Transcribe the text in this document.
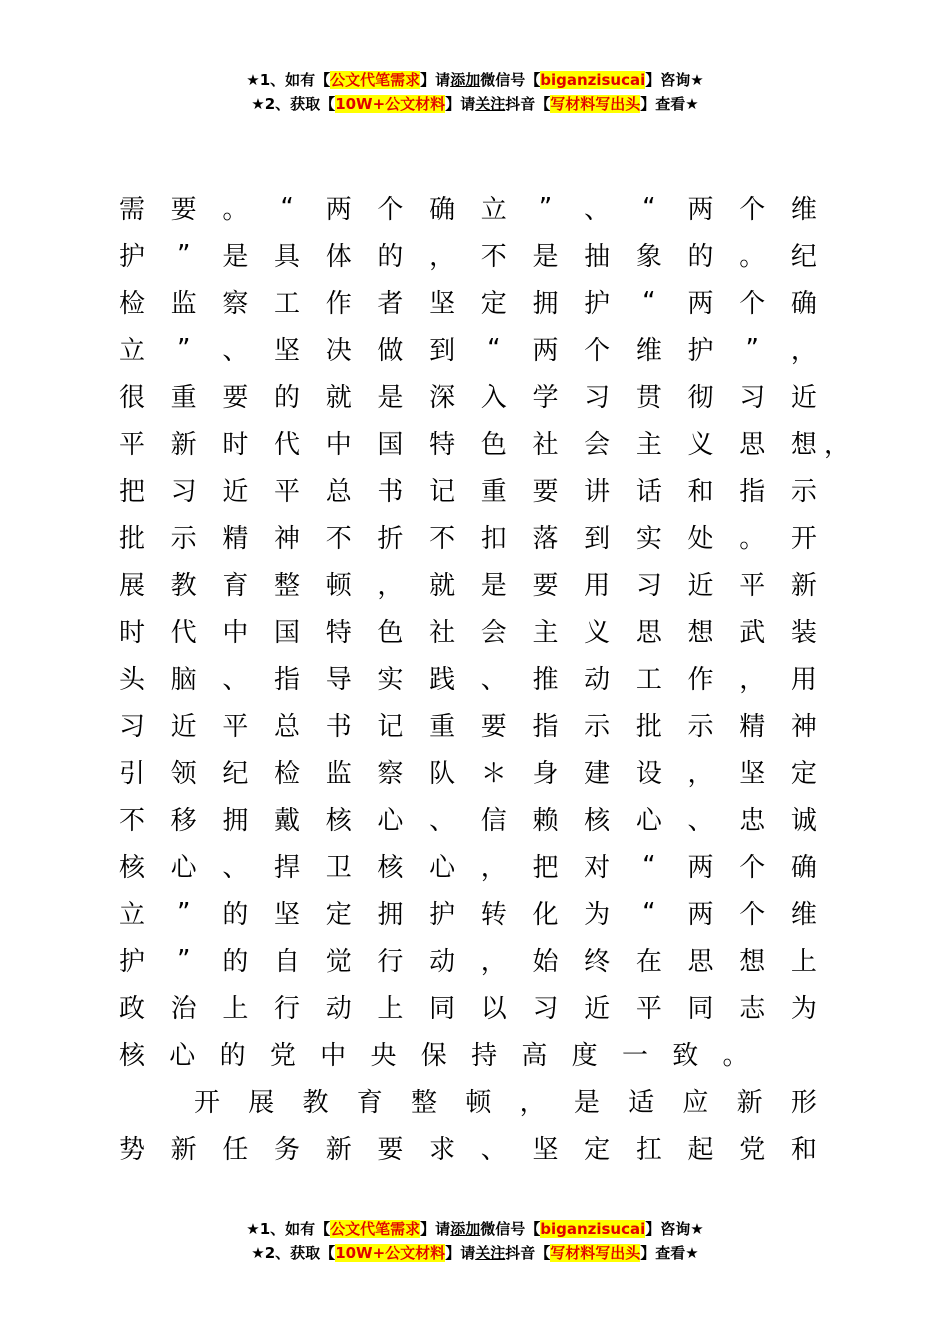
★1、如有【公文代笔需求】请添加微信号【biganzisucai】咨询★
★2、获取【10W+公文材料】请关注抖音【写材料写出头】查看★
需 要 。 “ 两 个 确 立 ” 、 “ 两 个 维
护 ” 是 具 体 的 ， 不 是 抽 象 的 。 纪
检 监 察 工 作 者 坚 定 拥 护 “ 两 个 确
立 ” 、 坚 决 做 到 “ 两 个 维 护 ” ，
很 重 要 的 就 是 深 入 学 习 贯 彻 习 近
平 新 时 代 中 国 特 色 社 会 主 义 思 想 ，
把 习 近 平 总 书 记 重 要 讲 话 和 指 示
批 示 精 神 不 折 不 扣 落 到 实 处 。 开
展 教 育 整 顿 ， 就 是 要 用 习 近 平 新
时 代 中 国 特 色 社 会 主 义 思 想 武 装
头 脑 、 指 导 实 践 、 推 动 工 作 ， 用
习 近 平 总 书 记 重 要 指 示 批 示 精 神
引 领 纪 检 监 察 队 ＊ 身 建 设 ， 坚 定
不 移 拥 戴 核 心 、 信 赖 核 心 、 忠 诚
核 心 、 捍 卫 核 心 ， 把 对 “ 两 个 确
立 ” 的 坚 定 拥 护 转 化 为 “ 两 个 维
护 ” 的 自 觉 行 动 ， 始 终 在 思 想 上
政 治 上 行 动 上 同 以 习 近 平 同 志 为
核 心 的 党 中 央 保 持 高 度 一 致 。
开 展 教 育 整 顿 ， 是 适 应 新 形
势 新 任 务 新 要 求 、 坚 定 扛 起 党 和
★1、如有【公文代笔需求】请添加微信号【biganzisucai】咨询★
★2、获取【10W+公文材料】请关注抖音【写材料写出头】查看★
